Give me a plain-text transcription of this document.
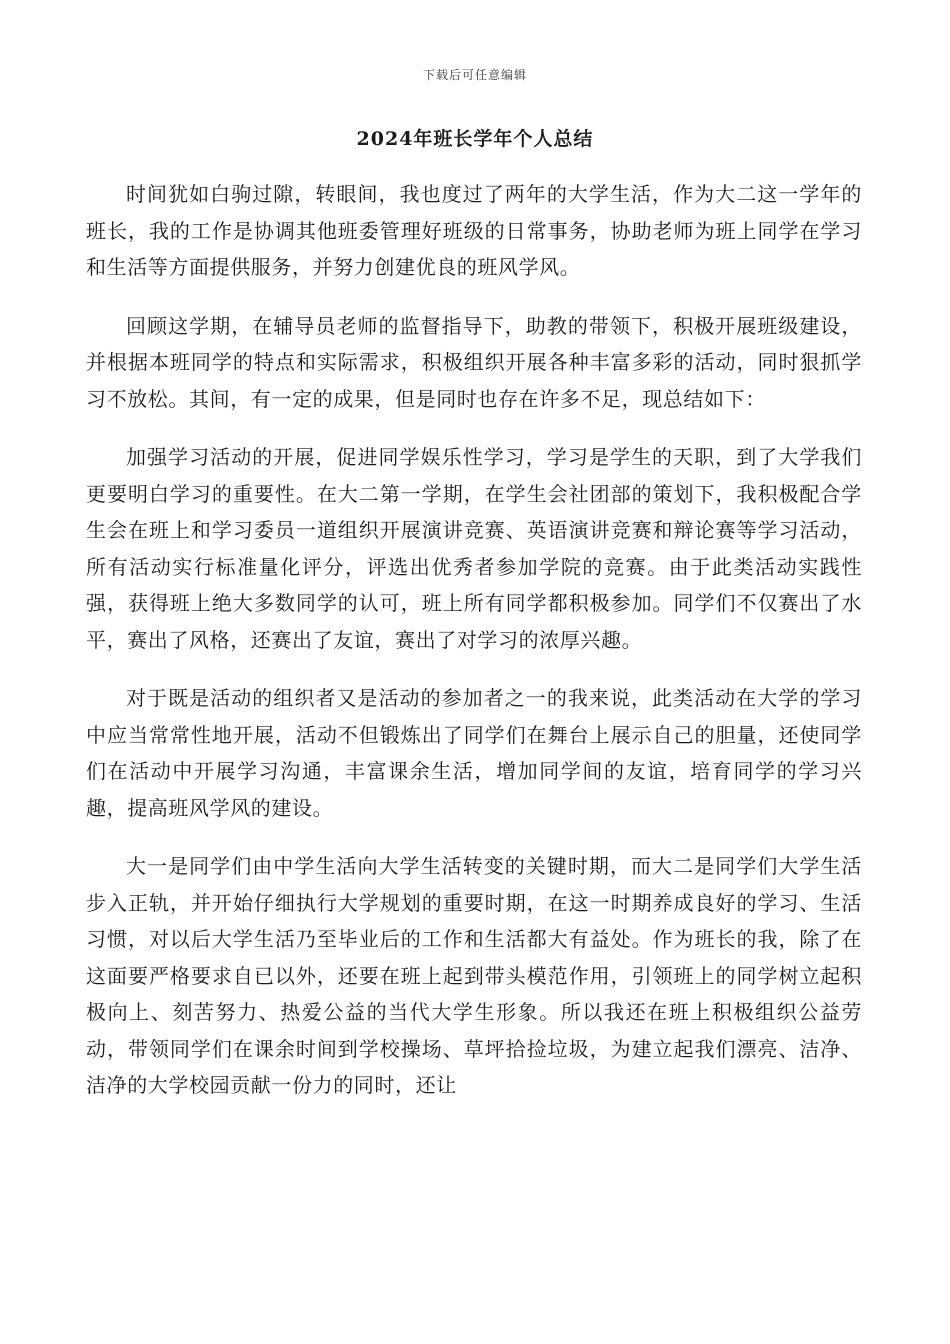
下载后可任意编辑
2024年班长学年个人总结

时间犹如白驹过隙，转眼间，我也度过了两年的大学生活，作为大二这一学年的班长，我的工作是协调其他班委管理好班级的日常事务，协助老师为班上同学在学习和生活等方面提供服务，并努力创建优良的班风学风。

回顾这学期，在辅导员老师的监督指导下，助教的带领下，积极开展班级建设，并根据本班同学的特点和实际需求，积极组织开展各种丰富多彩的活动，同时狠抓学习不放松。其间，有一定的成果，但是同时也存在许多不足，现总结如下：

加强学习活动的开展，促进同学娱乐性学习，学习是学生的天职，到了大学我们更要明白学习的重要性。在大二第一学期，在学生会社团部的策划下，我积极配合学生会在班上和学习委员一道组织开展演讲竞赛、英语演讲竞赛和辩论赛等学习活动，所有活动实行标准量化评分，评选出优秀者参加学院的竞赛。由于此类活动实践性强，获得班上绝大多数同学的认可，班上所有同学都积极参加。同学们不仅赛出了水平，赛出了风格，还赛出了友谊，赛出了对学习的浓厚兴趣。

对于既是活动的组织者又是活动的参加者之一的我来说，此类活动在大学的学习中应当常常性地开展，活动不但锻炼出了同学们在舞台上展示自己的胆量，还使同学们在活动中开展学习沟通，丰富课余生活，增加同学间的友谊，培育同学的学习兴趣，提高班风学风的建设。

大一是同学们由中学生活向大学生活转变的关键时期，而大二是同学们大学生活步入正轨，并开始仔细执行大学规划的重要时期，在这一时期养成良好的学习、生活习惯，对以后大学生活乃至毕业后的工作和生活都大有益处。作为班长的我，除了在这面要严格要求自已以外，还要在班上起到带头模范作用，引领班上的同学树立起积极向上、刻苦努力、热爱公益的当代大学生形象。所以我还在班上积极组织公益劳动，带领同学们在课余时间到学校操场、草坪拾捡垃圾，为建立起我们漂亮、洁净、洁净的大学校园贡献一份力的同时，还让
